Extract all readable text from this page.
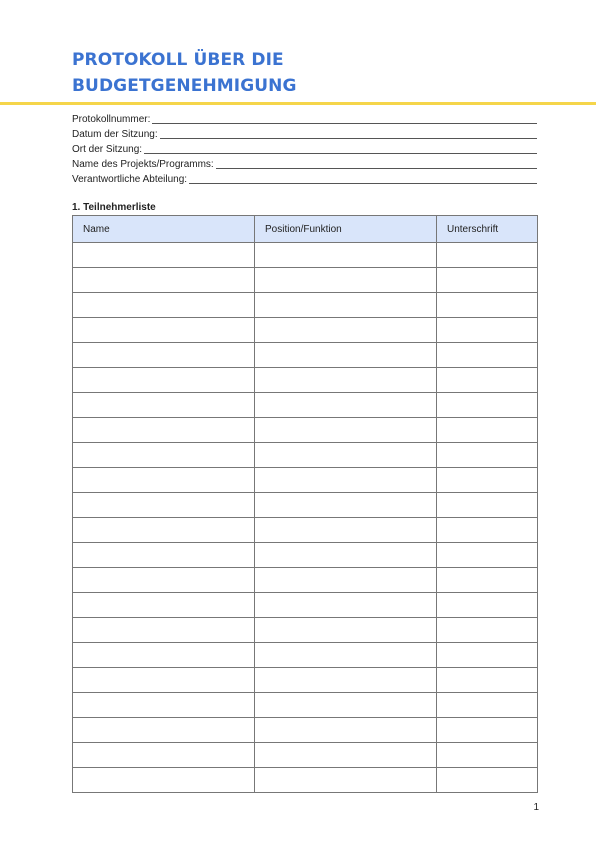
PROTOKOLL ÜBER DIE
BUDGETGENEHMIGUNG
Protokollnummer:
Datum der Sitzung:
Ort der Sitzung:
Name des Projekts/Programms:
Verantwortliche Abteilung:
1. Teilnehmerliste
Name	Position/Funktion	Unterschrift

1
